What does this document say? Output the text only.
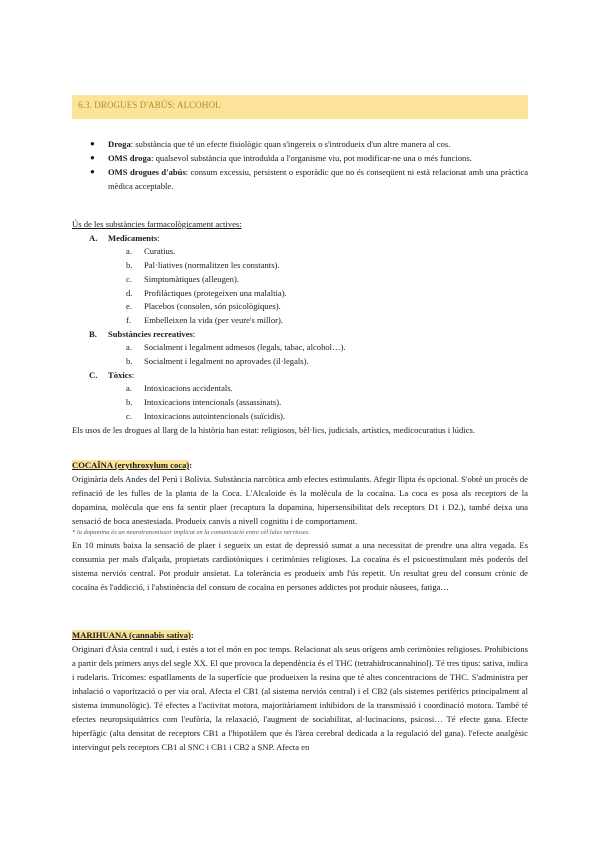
6.3. DROGUES D'ABÚS: ALCOHOL
● Droga: substància que té un efecte fisiològic quan s'ingereix o s'introdueix d'un altre manera al cos.
● OMS droga: qualsevol substància que introduïda a l'organisme viu, pot modificar-ne una o més funcions.
● OMS drogues d'abús: consum excessiu, persistent o esporàdic que no és conseqüent ni està relacionat amb una pràctica mèdica acceptable.
Ús de les substàncies farmacològicament actives:
A. Medicaments:
a. Curatius.
b. Pal·liatives (normalitzen les constants).
c. Simptomàtiques (alleugen).
d. Profilàctiques (protegeixen una malaltia).
e. Placebos (consolen, són psicològiques).
f. Embelleixen la vida (per veure's millor).
B. Substàncies recreatives:
a. Socialment i legalment admesos (legals, tabac, alcohol…).
b. Socialment i legalment no aprovades (il·legals).
C. Tòxics:
a. Intoxicacions accidentals.
b. Intoxicacions intencionals (assassinats).
c. Intoxicacions autointencionals (suïcidis).
Els usos de les drogues al llarg de la història han estat: religiosos, bèl·lics, judicials, artístics, medicocuratius i lúdics.
COCAÏNA (erythroxylum coca):
Originària dels Andes del Perú i Bolívia. Substància narcòtica amb efectes estimulants. Afegir llipta és opcional. S'obté un procés de refinació de les fulles de la planta de la Coca. L'Alcaloide és la molècula de la cocaïna. La coca es posa als receptors de la dopamina, molècula que ens fa sentir plaer (recaptura la dopamina, hipersensibilitat dels receptors D1 i D2.), també deixa una sensació de boca anestesiada. Produeix canvis a nivell cognitiu i de comportament.
* la dopamina és un neurotransmissor implicat en la comunicació entre cèl·lules nervioses.
En 10 minuts baixa la sensació de plaer i segueix un estat de depressió sumat a una necessitat de prendre una altra vegada. Es consumia per mals d'alçada, propietats cardiotòniques i cerimònies religioses. La cocaïna és el psicoestimulant més poderós del sistema nerviós central. Pot produir ansietat. La tolerància es produeix amb l'ús repetit. Un resultat greu del consum crònic de cocaïna és l'addicció, i l'abstinència del consum de cocaïna en persones addictes pot produir nàusees, fatiga…
MARIHUANA (cannabis sativa):
Originari d'Àsia central i sud, i estès a tot el món en poc temps. Relacionat als seus orígens amb cerimònies religioses. Prohibicions a partir dels primers anys del segle XX. El que provoca la dependència és el THC (tetrahidrocannabinol). Té tres tipus: sativa, indica i rudelaris. Tricomes: espatllaments de la superfície que produeixen la resina que té altes concentracions de THC. S'administra per inhalació o vaporització o per via oral. Afecta el CB1 (al sistema nerviós central) i el CB2 (als sistemes perifèrics principalment al sistema immunològic). Té efectes a l'activitat motora, majoritàriament inhibidors de la transmissió i coordinació motora. També té efectes neuropsiquiàtrics com l'eufòria, la relaxació, l'augment de sociabilitat, al·lucinacions, psicosi… Té efecte gana. Efecte hiperfàgic (alta densitat de receptors CB1 a l'hipotàlem que és l'àrea cerebral dedicada a la regulació del gana). l'efecte analgèsic intervingut pels receptors CB1 al SNC i CB1 i CB2 a SNP. Afecta en
